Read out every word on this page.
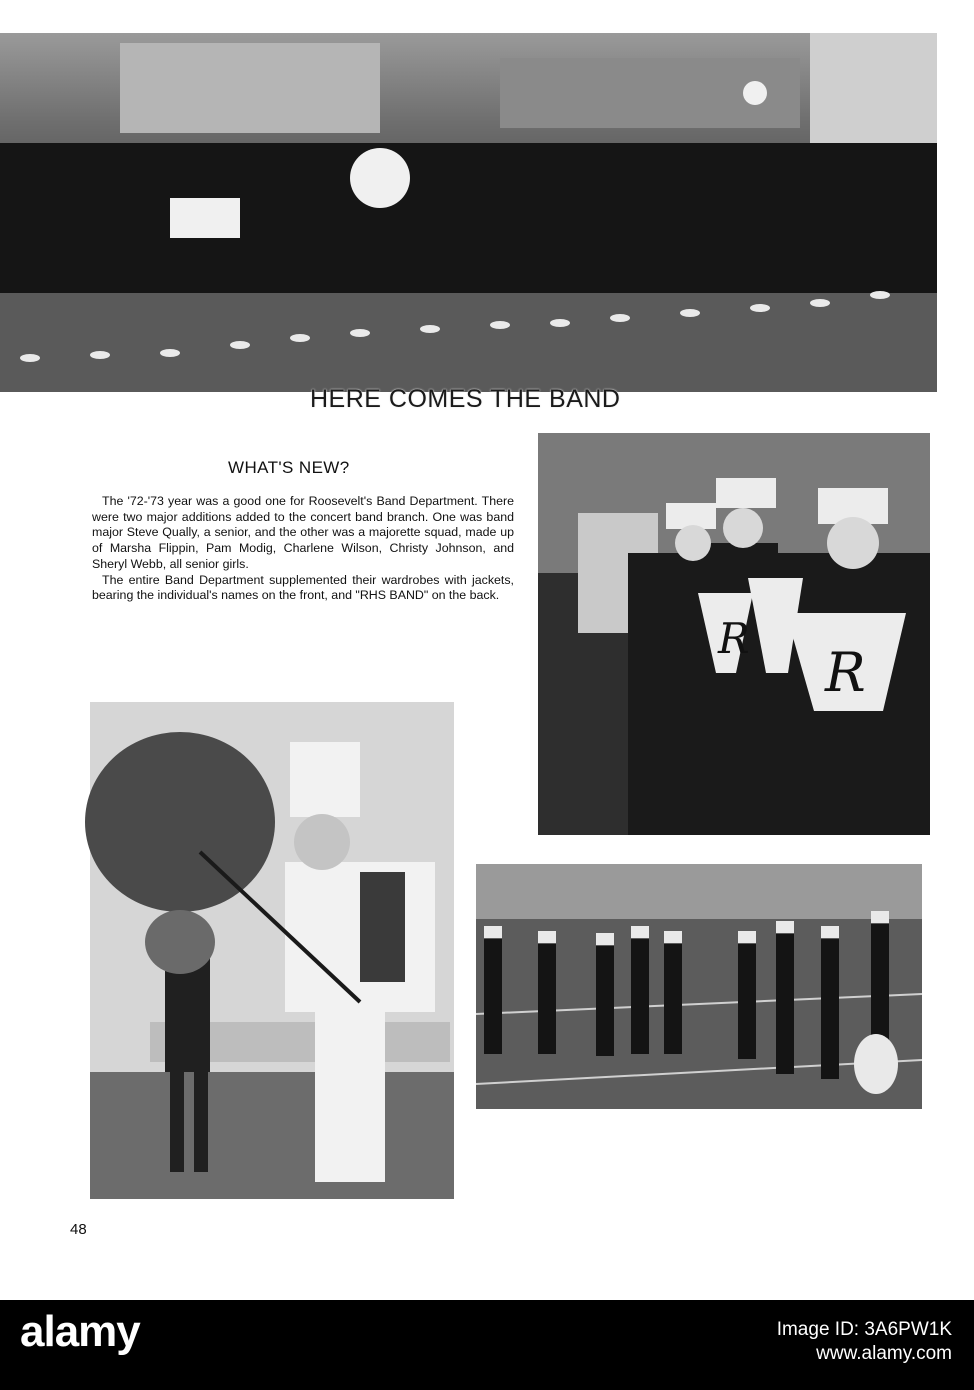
HERE COMES THE BAND
WHAT'S NEW?

The '72-'73 year was a good one for Roosevelt's Band Department. There were two major additions added to the concert band branch. One was band major Steve Qually, a senior, and the other was a majorette squad, made up of Marsha Flippin, Pam Modig, Charlene Wilson, Christy Johnson, and Sheryl Webb, all senior girls.

The entire Band Department supplemented their wardrobes with jackets, bearing the individual's names on the front, and "RHS BAND" on the back.

R
R
48
alamy	Image ID: 3A6PW1K
www.alamy.com
